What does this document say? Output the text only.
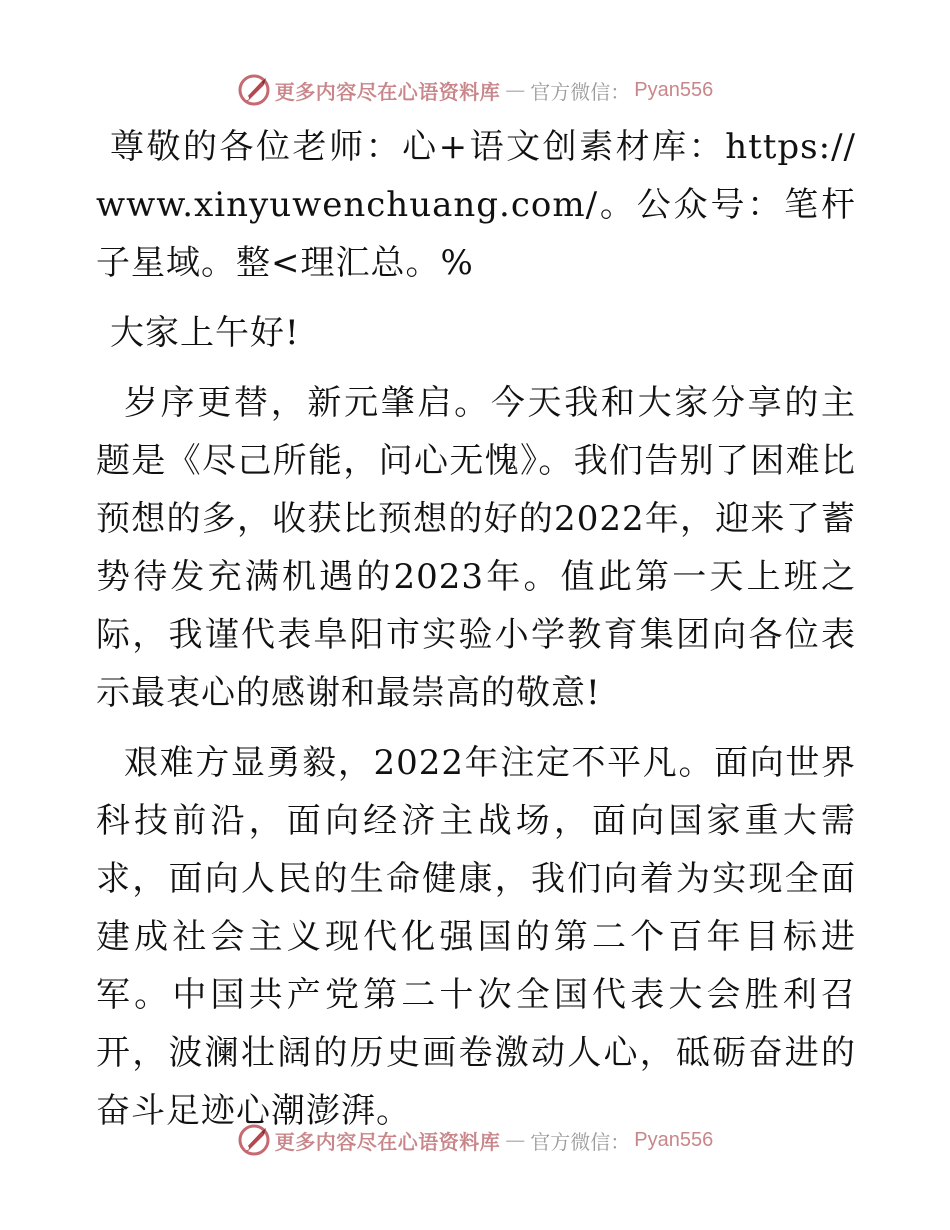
更多内容尽在心语资料库 — 官方微信： Pyan556

尊敬的各位老师：心+语文创素材库：https://www.xinyuwenchuang.com/。公众号：笔杆子星域。整<理汇总。%

大家上午好!

岁序更替，新元肇启。今天我和大家分享的主题是《尽己所能，问心无愧》。我们告别了困难比预想的多，收获比预想的好的2022年，迎来了蓄势待发充满机遇的2023年。值此第一天上班之际，我谨代表阜阳市实验小学教育集团向各位表示最衷心的感谢和最崇高的敬意!

艰难方显勇毅，2022年注定不平凡。面向世界科技前沿，面向经济主战场，面向国家重大需求，面向人民的生命健康，我们向着为实现全面建成社会主义现代化强国的第二个百年目标进军。中国共产党第二十次全国代表大会胜利召开，波澜壮阔的历史画卷激动人心，砥砺奋进的奋斗足迹心潮澎湃。

更多内容尽在心语资料库 — 官方微信： Pyan556
